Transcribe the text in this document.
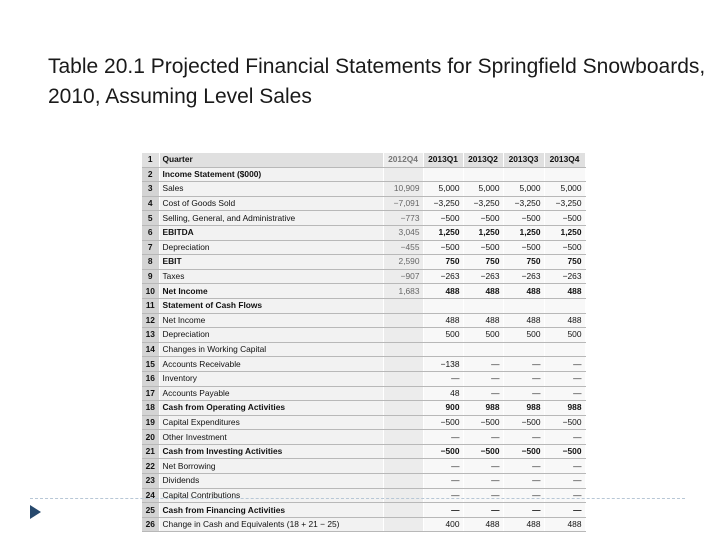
Table 20.1 Projected Financial Statements for Springfield Snowboards, 2010, Assuming Level Sales
1	Quarter	2012Q4	2013Q1	2013Q2	2013Q3	2013Q4
2	Income Statement ($000)					
3	Sales	10,909	5,000	5,000	5,000	5,000
4	Cost of Goods Sold	−7,091	−3,250	−3,250	−3,250	−3,250
5	Selling, General, and Administrative	−773	−500	−500	−500	−500
6	EBITDA	3,045	1,250	1,250	1,250	1,250
7	Depreciation	−455	−500	−500	−500	−500
8	EBIT	2,590	750	750	750	750
9	Taxes	−907	−263	−263	−263	−263
10	Net Income	1,683	488	488	488	488
11	Statement of Cash Flows					
12	Net Income		488	488	488	488
13	Depreciation		500	500	500	500
14	Changes in Working Capital					
15	Accounts Receivable		−138	—	—	—
16	Inventory		—	—	—	—
17	Accounts Payable		48	—	—	—
18	Cash from Operating Activities		900	988	988	988
19	Capital Expenditures		−500	−500	−500	−500
20	Other Investment		—	—	—	—
21	Cash from Investing Activities		−500	−500	−500	−500
22	Net Borrowing		—	—	—	—
23	Dividends		—	—	—	—
24	Capital Contributions		—	—	—	—
25	Cash from Financing Activities		—	—	—	—
26	Change in Cash and Equivalents (18 + 21 − 25)		400	488	488	488
